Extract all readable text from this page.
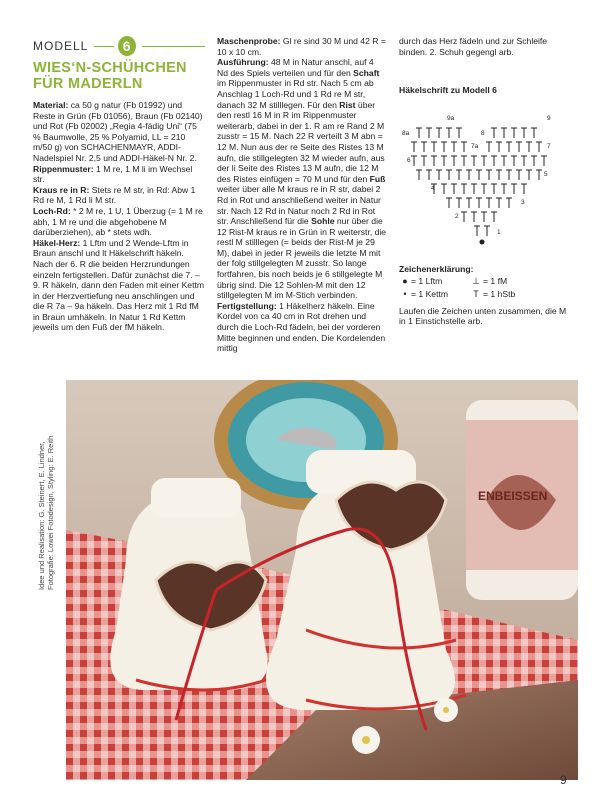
MODELL	6
WIES‘N-SCHÜHCHEN
FÜR MADERLN

Material: ca 50 g natur (Fb 01992) und Reste in Grün (Fb 01056), Braun (Fb 02140) und Rot (Fb 02002) „Regia 4-fädig Uni“ (75 % Baumwolle, 25 % Polyamid, LL = 210 m/50 g) von SCHACHENMAYR, ADDI-Nadelspiel Nr. 2,5 und ADDI-Häkel-N Nr. 2.

Rippenmuster: 1 M re, 1 M li im Wechsel str.

Kraus re in R: Stets re M str, in Rd: Abw 1 Rd re M, 1 Rd li M str.

Loch-Rd: * 2 M re, 1 U, 1 Überzug (= 1 M re abh, 1 M re und die abgehobene M darüberziehen), ab * stets wdh.

Häkel-Herz: 1 Lftm und 2 Wende-Lftm in Braun anschl und lt Häkelschrift häkeln. Nach der 6. R die beiden Herzrundungen einzeln fertigstellen. Dafür zunächst die 7. – 9. R häkeln, dann den Faden mit einer Kettm in der Herzvertiefung neu anschlingen und die R 7a – 9a häkeln. Das Herz mit 1 Rd fM in Braun umhäkeln. In Natur 1 Rd Kettm jeweils um den Fuß der fM häkeln.

Maschenprobe: Gl re sind 30 M und 42 R = 10 x 10 cm.

Ausführung: 48 M in Natur anschl, auf 4 Nd des Spiels verteilen und für den Schaft im Rippenmuster in Rd str. Nach 5 cm ab Anschlag 1 Loch-Rd und 1 Rd re M str, danach 32 M stilllegen. Für den Rist über den restl 16 M in R im Rippenmuster weiterarb, dabei in der 1. R am re Rand 2 M zusstr = 15 M. Nach 22 R verteilt 3 M abn = 12 M. Nun aus der re Seite des Ristes 13 M aufn, die stillgelegten 32 M wieder aufn, aus der li Seite des Ristes 13 M aufn, die 12 M des Ristes einfügen = 70 M und für den Fuß weiter über alle M kraus re in R str, dabei 2 Rd in Rot und anschließend weiter in Natur str. Nach 12 Rd in Natur noch 2 Rd in Rot str. Anschließend für die Sohle nur über die 12 Rist-M kraus re in Grün in R weiterstr, die restl M stilllegen (= beids der Rist-M je 29 M), dabei in jeder R jeweils die letzte M mit der folg stillgelegten M zusstr. So lange fortfahren, bis noch beids je 6 stillgelegte M übrig sind. Die 12 Sohlen-M mit den 12 stillgelegten M im M-Stich verbinden.

Fertigstellung: 1 Häkelherz häkeln. Eine Kordel von ca 40 cm in Rot drehen und durch die Loch-Rd fädeln, bei der vorderen Mitte beginnen und enden. Die Kordelenden mittig

durch das Herz fädeln und zur Schleife binden. 2. Schuh gegengl arb.

Häkelschrift zu Modell 6

9a	9
8a	8
7a	7
6
5
4
3
2
1

Zeichenerklärung:

● = 1 Lftm	⊥ = 1 fM
• = 1 Kettm	T = 1 hStb

Laufen die Zeichen unten zusammen, die M in 1 Einstichstelle arb.

ENBEISSEN
Idee und Realisation: G. Steinert, E. Lindner, Fotografie: Lowei Fotodesign, Styling: E. Reith
9
PassionForum.ru
